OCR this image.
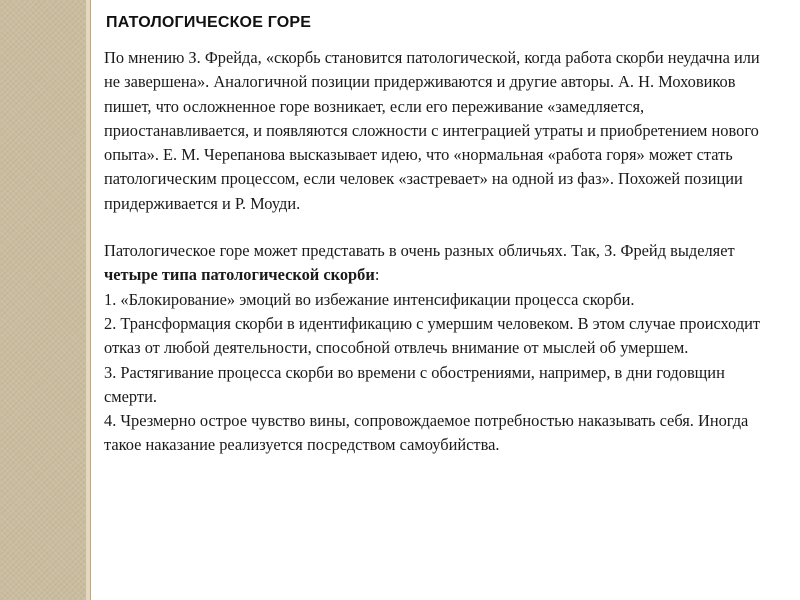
ПАТОЛОГИЧЕСКОЕ ГОРЕ

По мнению З. Фрейда, «скорбь становится патологической, когда работа скорби неудачна или не завершена». Аналогичной позиции придерживаются и другие авторы. А. Н. Моховиков пишет, что осложненное горе возникает, если его переживание «замедляется, приостанавливается, и появляются сложности с интеграцией утраты и приобретением нового опыта». Е. М. Черепанова высказывает идею, что «нормальная «работа горя» может стать патологическим процессом, если человек «застревает» на одной из фаз». Похожей позиции придерживается и Р. Моуди.

Патологическое горе может представать в очень разных обличьях. Так, З. Фрейд выделяет четыре типа патологической скорби:

1. «Блокирование» эмоций во избежание интенсификации процесса скорби.

2. Трансформация скорби в идентификацию с умершим человеком. В этом случае происходит отказ от любой деятельности, способной отвлечь внимание от мыслей об умершем.

3. Растягивание процесса скорби во времени с обострениями, например, в дни годовщин смерти.

4. Чрезмерно острое чувство вины, сопровождаемое потребностью наказывать себя. Иногда такое наказание реализуется посредством самоубийства.
